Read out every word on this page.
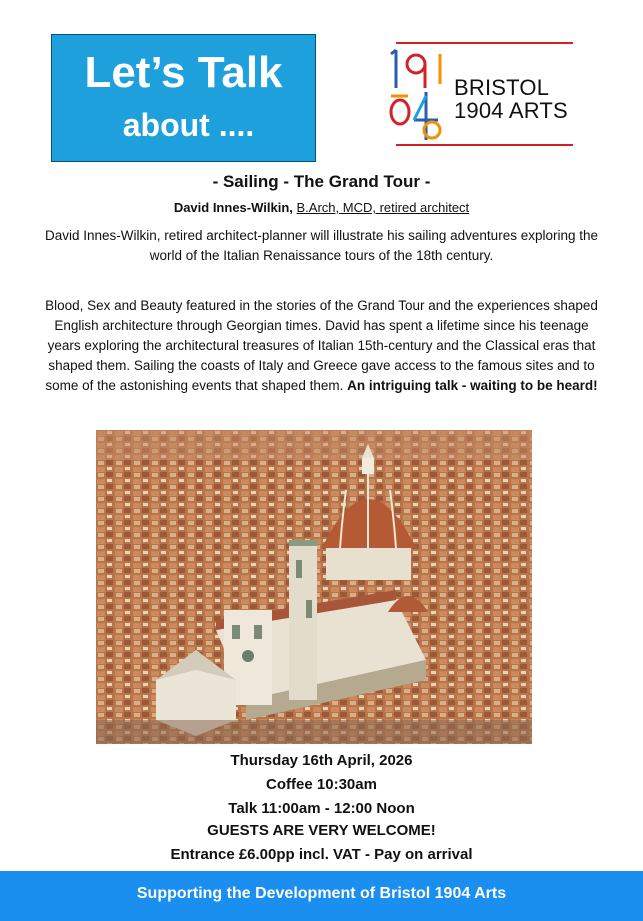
Let’s Talk
about ....
BRISTOL
1904 ARTS
- Sailing - The Grand Tour -
David Innes-Wilkin, B.Arch, MCD, retired architect
David Innes-Wilkin, retired architect-planner will illustrate his sailing adventures exploring the world of the Italian Renaissance tours of the 18th century.
Blood, Sex and Beauty featured in the stories of the Grand Tour and the experiences shaped English architecture through Georgian times. David has spent a lifetime since his teenage years exploring the architectural treasures of Italian 15th-century and the Classical eras that shaped them. Sailing the coasts of Italy and Greece gave access to the famous sites and to some of the astonishing events that shaped them. An intriguing talk - waiting to be heard!
Thursday 16th April, 2026
Coffee 10:30am
Talk 11:00am - 12:00 Noon
GUESTS ARE VERY WELCOME!
Entrance £6.00pp incl. VAT - Pay on arrival
Supporting the Development of Bristol 1904 Arts
